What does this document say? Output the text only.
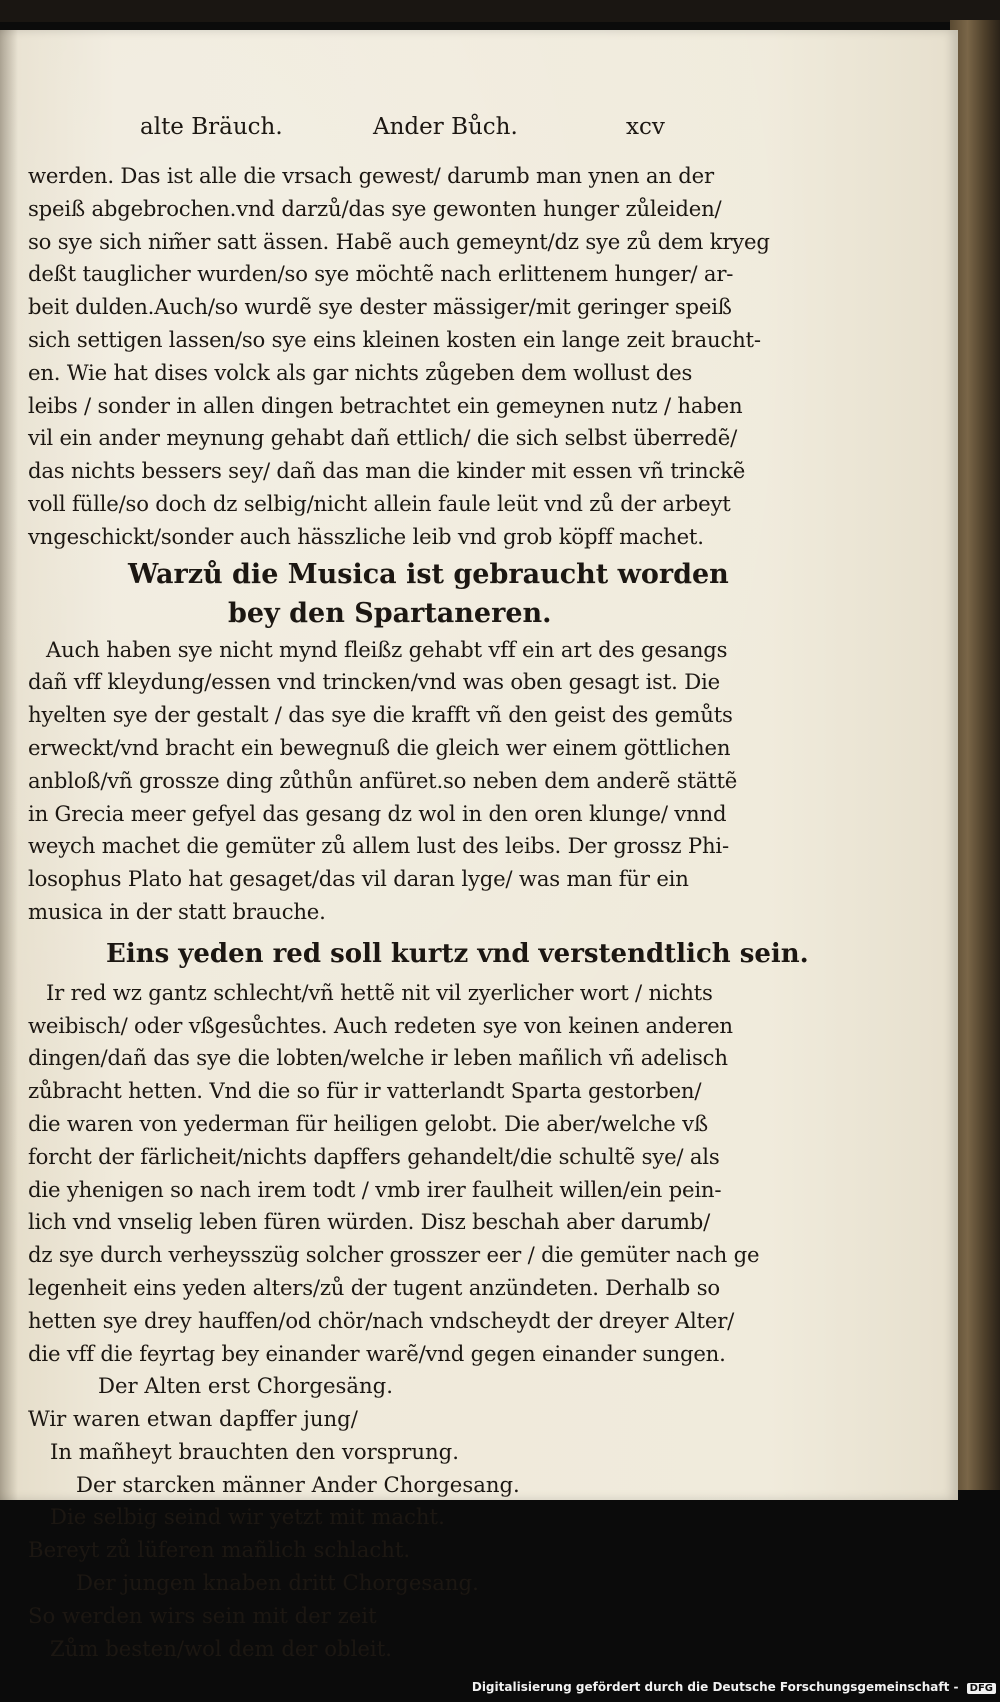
alte Bräuch.	Ander Bůch.	xcv
werden. Das ist alle die vrsach gewest/ darumb man ynen an der
speiß abgebrochen.vnd darzů/das sye gewonten hunger zůleiden/
so sye sich nim̃er satt ässen. Habẽ auch gemeynt/dz sye zů dem kryeg
deßt tauglicher wurden/so sye möchtẽ nach erlittenem hunger/ ar-
beit dulden.Auch/so wurdẽ sye dester mässiger/mit geringer speiß
sich settigen lassen/so sye eins kleinen kosten ein lange zeit braucht-
en. Wie hat dises volck als gar nichts zůgeben dem wollust des
leibs / sonder in allen dingen betrachtet ein gemeynen nutz / haben
vil ein ander meynung gehabt dañ ettlich/ die sich selbst überredẽ/
das nichts bessers sey/ dañ das man die kinder mit essen vñ trinckẽ
voll fülle/so doch dz selbig/nicht allein faule leüt vnd zů der arbeyt
vngeschickt/sonder auch hässzliche leib vnd grob köpff machet.
Warzů die Musica ist gebraucht worden
bey den Spartaneren.
Auch haben sye nicht mynd fleißz gehabt vff ein art des gesangs
dañ vff kleydung/essen vnd trincken/vnd was oben gesagt ist. Die
hyelten sye der gestalt / das sye die krafft vñ den geist des gemůts
erweckt/vnd bracht ein bewegnuß die gleich wer einem göttlichen
anbloß/vñ grossze ding zůthůn anfüret.so neben dem anderẽ stättẽ
in Grecia meer gefyel das gesang dz wol in den oren klunge/ vnnd
weych machet die gemüter zů allem lust des leibs. Der grossz Phi-
losophus Plato hat gesaget/das vil daran lyge/ was man für ein
musica in der statt brauche.
Eins yeden red soll kurtz vnd verstendtlich sein.
Ir red wz gantz schlecht/vñ hettẽ nit vil zyerlicher wort / nichts
weibisch/ oder vßgesůchtes. Auch redeten sye von keinen anderen
dingen/dañ das sye die lobten/welche ir leben mañlich vñ adelisch
zůbracht hetten. Vnd die so für ir vatterlandt Sparta gestorben/
die waren von yederman für heiligen gelobt. Die aber/welche vß
forcht der färlicheit/nichts dapffers gehandelt/die schultẽ sye/ als
die yhenigen so nach irem todt / vmb irer faulheit willen/ein pein-
lich vnd vnselig leben füren würden. Disz beschah aber darumb/
dz sye durch verheysszüg solcher grosszer eer / die gemüter nach ge
legenheit eins yeden alters/zů der tugent anzündeten. Derhalb so
hetten sye drey hauffen/od chör/nach vndscheydt der dreyer Alter/
die vff die feyrtag bey einander warẽ/vnd gegen einander sungen.
Der Alten erst Chorgesäng.
Wir waren etwan dapffer jung/
In mañheyt brauchten den vorsprung.
Der starcken männer Ander Chorgesang.
Die selbig seind wir yetzt mit macht.
Bereyt zů lüferen mañlich schlacht.
Der jungen knaben dritt Chorgesang.
So werden wirs sein mit der zeit
Zům besten/wol dem der obleit.
Digitalisierung gefördert durch die Deutsche Forschungsgemeinschaft - DFG
